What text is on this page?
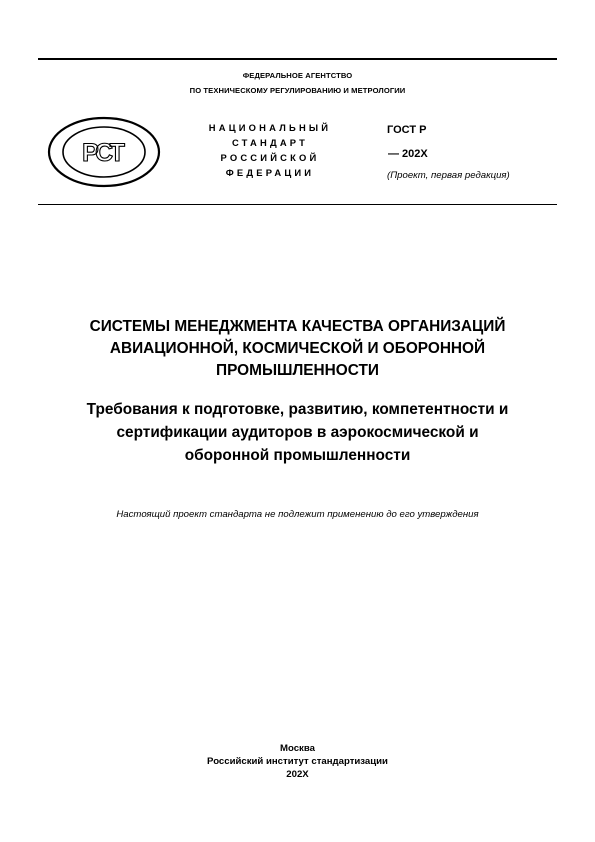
ФЕДЕРАЛЬНОЕ АГЕНТСТВО
ПО ТЕХНИЧЕСКОМУ РЕГУЛИРОВАНИЮ И МЕТРОЛОГИИ
РСТ
НАЦИОНАЛЬНЫЙ
СТАНДАРТ
РОССИЙСКОЙ
ФЕДЕРАЦИИ
ГОСТ Р
— 202Х
(Проект, первая редакция)
СИСТЕМЫ МЕНЕДЖМЕНТА КАЧЕСТВА ОРГАНИЗАЦИЙ
АВИАЦИОННОЙ, КОСМИЧЕСКОЙ И ОБОРОННОЙ
ПРОМЫШЛЕННОСТИ
Требования к подготовке, развитию, компетентности и
сертификации аудиторов в аэрокосмической и
оборонной промышленности
Настоящий проект стандарта не подлежит применению до его утверждения
Москва
Российский институт стандартизации
202Х
